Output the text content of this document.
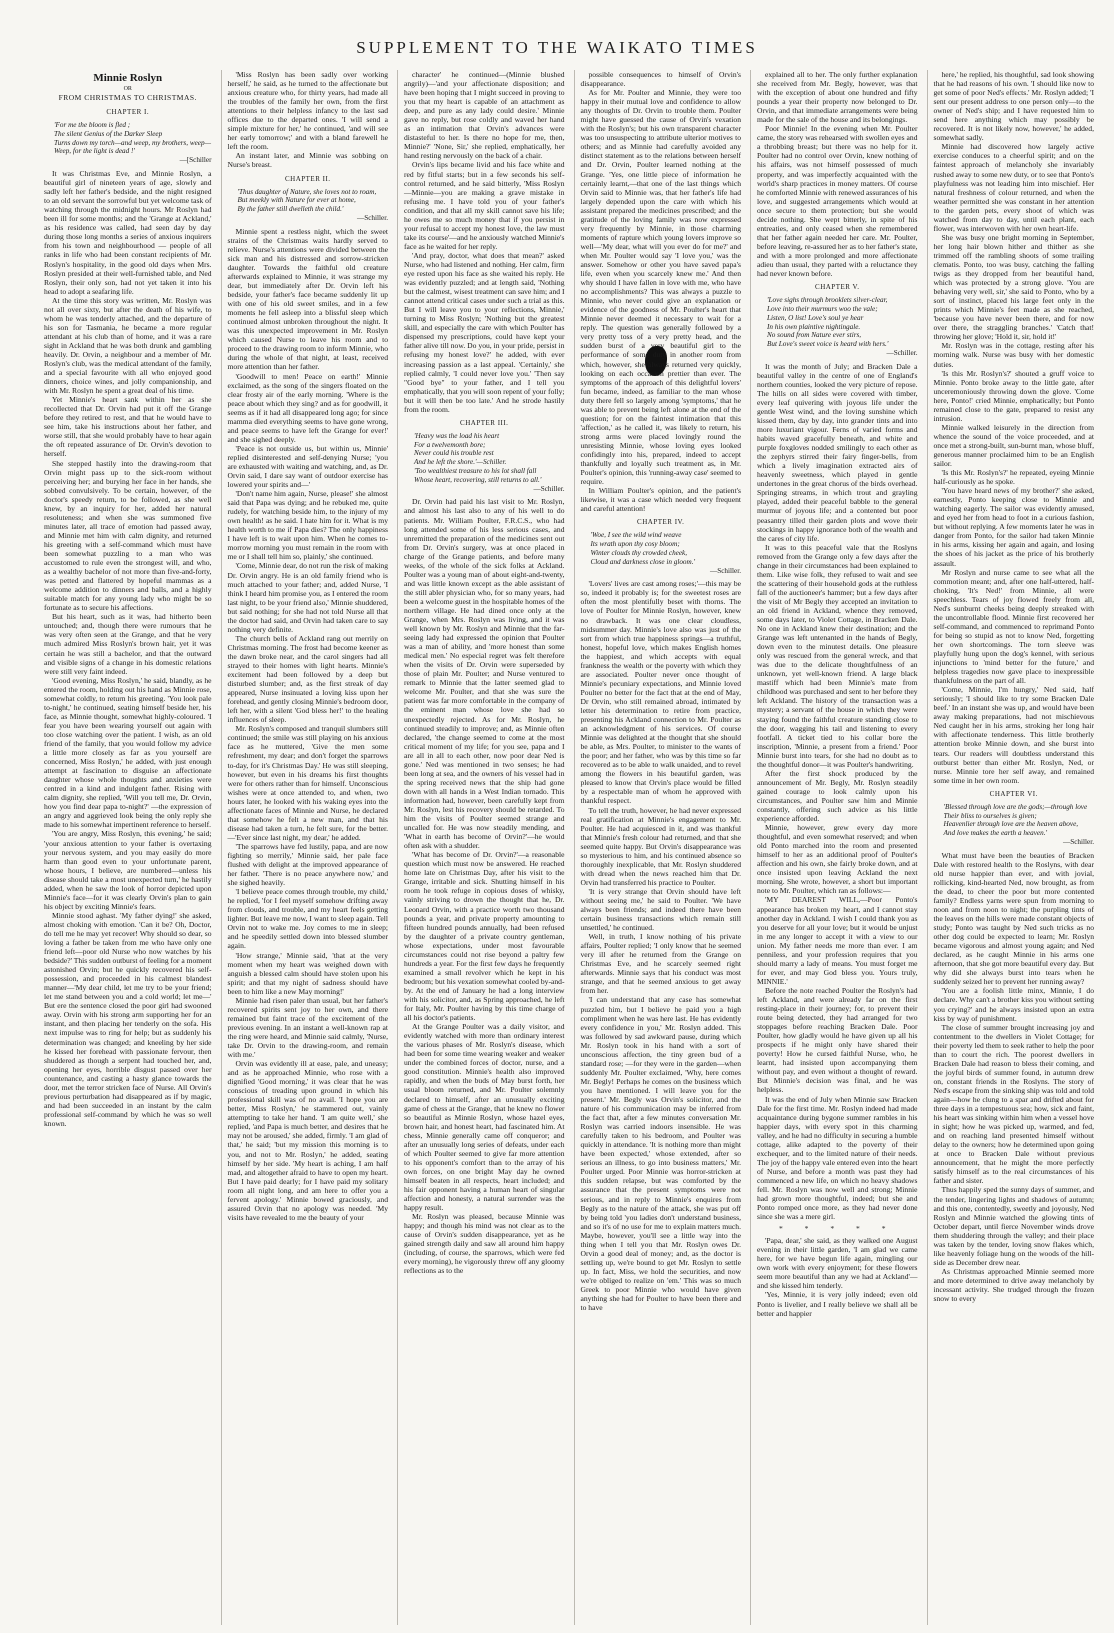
SUPPLEMENT TO THE WAIKATO TIMES
Minnie Roslyn
OR
FROM CHRISTMAS TO CHRISTMAS.
CHAPTER I.
'For me the bloom is fled ;
The silent Genius of the Darker Sleep
Turns down my torch—and weep, my brothers, weep—
Weep, for the light is dead !'
—[Schiller

It was Christmas Eve, and Minnie Roslyn, a beautiful girl of nineteen years of age, slowly and sadly left her father's bedside, and the night resigned to an old servant the sorrowful but yet welcome task of watching through the midnight hours. Mr Roslyn had been ill for some months; and the 'Grange at Ackland,' as his residence was called, had seen day by day during those long months a series of anxious inquirers from his town and neighbourhood — people of all ranks in life who had been constant recipients of Mr. Roslyn's hospitality, in the good old days when Mrs. Roslyn presided at their well-furnished table, and Ned Roslyn, their only son, had not yet taken it into his head to adopt a seafaring life.

At the time this story was written, Mr. Roslyn was not all over sixty, but after the death of his wife, to whom he was tenderly attached, and the departure of his son for Tasmania, he became a more regular attendant at his club than of home, and it was a rare sight in Ackland that he was both drunk and gambling heavily. Dr. Orvin, a neighbour and a member of Mr. Roslyn's club, was the medical attendant of the family, and a special favourite with all who enjoyed good dinners, choice wines, and jolly companionship, and with Mr. Roslyn he spent a great deal of his time.

Yet Minnie's heart sank within her as she recollected that Dr. Orvin had put it off the Grange before they retired to rest, and that he would have to see him, take his instructions about her father, and worse still, that she would probably have to hear again the oft repeated assurance of Dr. Orvin's devotion to herself.

She stepped hastily into the drawing-room that Orvin might pass up to the sick-room without perceiving her; and burying her face in her hands, she sobbed convulsively. To be certain, however, of the doctor's speedy return, to be followed, as she well knew, by an inquiry for her, added her natural resoluteness; and when she was summoned five minutes later, all trace of emotion had passed away, and Minnie met him with calm dignity, and returned his greeting with a self-command which must have been somewhat puzzling to a man who was accustomed to rule even the strongest will, and who, as a wealthy bachelor of not more than five-and-forty, was petted and flattered by hopeful mammas as a welcome addition to dinners and balls, and a highly suitable match for any young lady who might be so fortunate as to secure his affections.

But his heart, such as it was, had hitherto been untouched; and, though there were rumours that he was very often seen at the Grange, and that he very much admired Miss Roslyn's brown hair, yet it was certain he was still a bachelor, and that the outward and visible signs of a change in his domestic relations were still very faint indeed.

'Good evening, Miss Roslyn,' he said, blandly, as he entered the room, holding out his hand as Minnie rose, somewhat coldly, to return his greeting. 'You look pale to-night,' he continued, seating himself beside her, his face, as Minnie thought, somewhat highly-coloured. 'I fear you have been wearing yourself out again with too close watching over the patient. I wish, as an old friend of the family, that you would follow my advice a little more closely as far as you yourself are concerned, Miss Roslyn,' he added, with just enough attempt at fascination to disguise an affectionate daughter whose whole thoughts and anxieties were centred in a kind and indulgent father. Rising with calm dignity, she replied, 'Will you tell me, Dr. Orvin, how you find dear papa to-night?' —the expression of an angry and aggrieved look being the only reply she made to his somewhat impertinent reference to herself.

'You are angry, Miss Roslyn, this evening,' he said; 'your anxious attention to your father is overtaxing your nervous system, and you may easily do more harm than good even to your unfortunate parent, whose hours, I believe, are numbered—unless his disease should take a most unexpected turn,' he hastily added, when he saw the look of horror depicted upon Minnie's face—for it was clearly Orvin's plan to gain his object by exciting Minnie's fears.

Minnie stood aghast. 'My father dying!' she asked, almost choking with emotion. 'Can it be? Oh, Doctor, do tell me he may yet recover! Why should so dear, so loving a father be taken from me who have only one friend left—poor old Nurse who now watches by his bedside?' This sudden outburst of feeling for a moment astonished Orvin; but he quickly recovered his self-possession, and proceeded in his calmest blandest manner—'My dear child, let me try to be your friend; let me stand between you and a cold world; let me—' But ere the sentence closed the poor girl had swooned away. Orvin with his strong arm supporting her for an instant, and then placing her tenderly on the sofa. His next impulse was to ring for help; but as suddenly his determination was changed; and kneeling by her side he kissed her forehead with passionate fervour, then shuddered as though a serpent had touched her, and, opening her eyes, horrible disgust passed over her countenance, and casting a hasty glance towards the door, met the terror stricken face of Nurse. All Orvin's previous perturbation had disappeared as if by magic, and had been succeeded in an instant by the calm professional self-command by which he was so well known.

'Miss Roslyn has been sadly over working herself,' he said, as he turned to the affectionate but anxious creature who, for thirty years, had made all the troubles of the family her own, from the first attentions to their helpless infancy to the last sad offices due to the departed ones. 'I will send a simple mixture for her,' he continued, 'and will see her early tomorrow;' and with a bland farewell he left the room.

An instant later, and Minnie was sobbing on Nurse's breast.

CHAPTER II.
'Thus daughter of Nature, she loves not to roam,
But meekly with Nature for ever at home,
By the father still dwelleth the child.'
—Schiller.

Minnie spent a restless night, which the sweet strains of the Christmas waits hardly served to relieve. Nurse's attentions were divided between the sick man and his distressed and sorrow-stricken daughter. Towards the faithful old creature afterwards explained to Minnie, it was strange my dear, but immediately after Dr. Orvin left his bedside, your father's face became suddenly lit up with one of his old sweet smiles, and in a few moments he fell asleep into a blissful sleep which continued almost unbroken throughout the night. It was this unexpected improvement in Mr. Roslyn which caused Nurse to leave his room and to proceed to the drawing room to inform Minnie, who during the whole of that night, at least, received more attention than her father.

'Goodwill to men! Peace on earth!' Minnie exclaimed, as the song of the singers floated on the clear frosty air of the early morning. 'Where is the peace about which they sing? and as for goodwill, it seems as if it had all disappeared long ago; for since mamma died everything seems to have gone wrong, and peace seems to have left the Grange for ever!' and she sighed deeply.

'Peace is not outside us, but within us, Minnie' replied disinterested and self-denying Nurse; 'you are exhausted with waiting and watching, and, as Dr. Orvin said, I dare say want of outdoor exercise has lowered your spirits and—'

'Don't name him again, Nurse, please!' she almost said that Papa was dying; and he rebuked me, quite rudely, for watching beside him, to the injury of my own health! as he said. I hate him for it. What is my health worth to me if Papa dies? The only happiness I have left is to wait upon him. When he comes to-morrow morning you must remain in the room with me or I shall tell him so, plainly,' she continued.

'Come, Minnie dear, do not run the risk of making Dr. Orvin angry. He is an old family friend who is much attached to your father; and, added Nurse, 'I think I heard him promise you, as I entered the room last night, to be your friend also,' Minnie shuddered, but said nothing; for she had not told Nurse all that the doctor had said, and Orvin had taken care to say nothing very definite.

The church bells of Ackland rang out merrily on Christmas morning. The frost had become keener as the dawn broke near, and the carol singers had all strayed to their homes with light hearts. Minnie's excitement had been followed by a deep but disturbed slumber; and, as the first streak of day appeared, Nurse insinuated a loving kiss upon her forehead, and gently closing Minnie's bedroom door, left her, with a silent 'God bless her!' to the healing influences of sleep.

Mr. Roslyn's composed and tranquil slumbers still continued; the smile was still playing on his anxious face as he muttered, 'Give the men some refreshment, my dear; and don't forget the sparrows to-day, for it's Christmas Day.' He was still sleeping, however, but even in his dreams his first thoughts were for others rather than for himself. Unconscious wishes were at once attended to, and when, two hours later, he looked with his waking eyes into the affectionate faces of Minnie and Nurse, he declared that somehow he felt a new man, and that his disease had taken a turn, he felt sure, for the better.—'Ever since last night, my dear,' he added.

'The sparrows have fed lustily, papa, and are now fighting so merrily,' Minnie said, her pale face flushed with delight at the improved appearance of her father. 'There is no peace anywhere now,' and she sighed heavily.

'I believe peace comes through trouble, my child,' he replied, 'for I feel myself somehow drifting away from clouds, and trouble, and my heart feels getting lighter. But leave me now, I want to sleep again. Tell Orvin not to wake me. Joy comes to me in sleep; and he speedily settled down into blessed slumber again.

'How strange,' Minnie said, 'that at the very moment when my heart was weighed down with anguish a blessed calm should have stolen upon his spirit; and that my night of sadness should have been to him like a new May morning!'

Minnie had risen paler than usual, but her father's recovered spirits sent joy to her own, and there remained but faint trace of the excitement of the previous evening. In an instant a well-known rap at the ring were heard, and Minnie said calmly, 'Nurse, take Dr. Orvin to the drawing-room, and remain with me.'

Orvin was evidently ill at ease, pale, and uneasy; and as he approached Minnie, who rose with a dignified 'Good morning,' it was clear that he was conscious of treading upon ground in which his professional skill was of no avail. 'I hope you are better, Miss Roslyn,' he stammered out, vainly attempting to take her hand. 'I am quite well,' she replied, 'and Papa is much better, and desires that he may not be aroused,' she added, firmly. 'I am glad of that,' he said; 'but my mission this morning is to you, and not to Mr. Roslyn,' he added, seating himself by her side. 'My heart is aching, I am half mad, and altogether afraid to have to open my heart. But I have paid dearly; for I have paid my solitary room all night long, and am here to offer you a fervent apology.' Minnie bowed graciously, and assured Orvin that no apology was needed. 'My visits have revealed to me the beauty of your

character' he continued—(Minnie blushed angrily)—'and your affectionate disposition; and have been hoping that I might succeed in proving to you that my heart is capable of an attachment as deep, and pure as any lady could desire.' Minnie gave no reply, but rose coldly and waved her hand as an intimation that Orvin's advances were distasteful to her. Is there no hope for me, then, Minnie?' 'None, Sir,' she replied, emphatically, her hand resting nervously on the back of a chair.

Orvin's lips became livid and his face white and red by fitful starts; but in a few seconds his self-control returned, and he said bitterly, 'Miss Roslyn—Minnie—you are making a grave mistake in refusing me. I have told you of your father's condition, and that all my skill cannot save his life; he owes me so much money that if you persist in your refusal to accept my honest love, the law must take its course'—and he anxiously watched Minnie's face as he waited for her reply.

'And pray, doctor, what does that mean?' asked Nurse, who had listened and nothing. Her calm, firm eye rested upon his face as she waited his reply. He was evidently puzzled; and at length said, 'Nothing but the calmest, wisest treatment can save him; and I cannot attend critical cases under such a trial as this. But I will leave you to your reflections, Minnie,' turning to Miss Roslyn; 'Nothing but the greatest skill, and especially the care with which Poulter has dispensed my prescriptions, could have kept your father alive till now. Do you, in your pride, persist in refusing my honest love?' he added, with ever increasing passion as a last appeal. 'Certainly,' she replied calmly, 'I could never love you.' 'Then say "Good bye" to your father, and I tell you emphatically, that you will soon repent of your folly; but it will then be too late.' And he strode hastily from the room.

CHAPTER III.
'Heavy was the load his heart
For a twelvemonth bore;
Never could his trouble rest
And he left the shore.'—Schiller.
'Too wealthiest treasure to his lot shall fall
Whose heart, recovering, still returns to all.'
—Schiller.

Dr. Orvin had paid his last visit to Mr. Roslyn, and almost his last also to any of his well to do patients. Mr. William Poulter, F.R.C.S., who had long attended some of his less serious cases, and unremitted the preparation of the medicines sent out from Dr. Orvin's surgery, was at once placed in charge of the Grange patients, and before many weeks, of the whole of the sick folks at Ackland. Poulter was a young man of about eight-and-twenty, and was little known except as the able assistant of the still abler physician who, for so many years, had been a welcome guest in the hospitable homes of the northern village. He had dined once only at the Grange, when Mrs. Roslyn was living, and it was well known by Mr. Roslyn and Minnie that the far-seeing lady had expressed the opinion that Poulter was a man of ability, and 'more honest than some medical men.' No especial regret was felt therefore when the visits of Dr. Orvin were superseded by those of plain Mr. Poulter; and Nurse ventured to remark to Minnie that the latter seemed glad to welcome Mr. Poulter, and that she was sure the patient was far more comfortable in the company of the eminent man whose love she had so unexpectedly rejected. As for Mr. Roslyn, he continued steadily to improve; and, as Minnie often declared, 'the change seemed to come at the most critical moment of my life; for you see, papa and I are all in all to each other, now poor dear Ned is gone.' Ned was mentioned in two senses; he had been long at sea, and the owners of his vessel had in the spring received news that the ship had gone down with all hands in a West Indian tornado. This information had, however, been carefully kept from Mr. Roslyn, lest his recovery should be retarded. To him the visits of Poulter seemed strange and uncalled for. He was now steadily mending, and 'What in earth has become of Orvin?'—he would often ask with a shudder.

'What has become of Dr. Orvin?'—a reasonable question which must now be answered. He reached home late on Christmas Day, after his visit to the Grange, irritable and sick. Shutting himself in his room he took refuge in copious doses of whisky, vainly striving to drown the thought that he, Dr. Leonard Orvin, with a practice worth two thousand pounds a year, and private property amounting to fifteen hundred pounds annually, had been refused by the daughter of a private country gentleman, whose expectations, under most favourable circumstances could not rise beyond a paltry few hundreds a year. For the first few days he frequently examined a small revolver which he kept in his bedroom; but his vexation somewhat cooled by-and-by. At the end of January he had a long interview with his solicitor, and, as Spring approached, he left for Italy, Mr. Poulter having by this time charge of all his doctor's patients.

At the Grange Poulter was a daily visitor, and evidently watched with more than ordinary interest the various phases of Mr. Roslyn's disease, which had been for some time wearing weaker and weaker under the combined forces of doctor, nurse, and a good constitution. Minnie's health also improved rapidly, and when the buds of May burst forth, her usual bloom returned, and Mr. Poulter solemnly declared to himself, after an unusually exciting game of chess at the Grange, that he knew no flower so beautiful as Minnie Roslyn, whose hazel eyes, brown hair, and honest heart, had fascinated him. At chess, Minnie generally came off conqueror; and after an unusually long series of defeats, under each of which Poulter seemed to give far more attention to his opponent's comfort than to the array of his own forces, on one bright May day he owned himself beaten in all respects, heart included; and his fair opponent having a human heart of singular affection and honesty, a natural surrender was the happy result.

Mr. Roslyn was pleased, because Minnie was happy; and though his mind was not clear as to the cause of Orvin's sudden disappearance, yet as he gained strength daily and saw all around him happy (including, of course, the sparrows, which were fed every morning), he vigorously threw off any gloomy reflections as to the

possible consequences to himself of Orvin's disappearance.

As for Mr. Poulter and Minnie, they were too happy in their mutual love and confidence to allow any thoughts of Dr. Orvin to trouble them. Poulter might have guessed the cause of Orvin's vexation with the Roslyn's; but his own transparent character was too unsuspecting to attribute ulterior motives to others; and as Minnie had carefully avoided any distinct statement as to the relations between herself and Dr. Orvin, Poulter learned nothing at the Grange. 'Yes, one little piece of information he certainly learnt,—that one of the last things which Orvin said to Minnie was, that her father's life had largely depended upon the care with which his assistant prepared the medicines prescribed; and the gratitude of the loving family was now expressed very frequently by Minnie, in those charming moments of rapture which young lovers improve so well—'My dear, what will you ever do for me?' and when Mr. Poulter would say 'I love you,' was the answer. Somehow or other you have saved papa's life, even when you scarcely knew me.' And then why should I have fallen in love with me, who have no accomplishments? This was always a puzzle to Minnie, who never could give an explanation or evidence of the goodness of Mr. Poulter's heart that Minnie never deemed it necessary to wait for a reply. The question was generally followed by a very pretty toss of a very pretty head, and the sudden burst of a very beautiful girl to the performance of some duty in another room from which, however, she always returned very quickly, looking on each occasion prettier than ever. The symptoms of the approach of this delightful lovers' fun became, indeed, as familiar to the man whose duty there fell so largely among 'symptoms,' that he was able to prevent being left alone at the end of the question; for on the faintest intimation that this 'affection,' as he called it, was likely to return, his strong arms were placed lovingly round the unresisting Minnie, whose loving eyes looked confidingly into his, prepared, indeed to accept thankfully and loyally such treatment as, in Mr. Poulter's opinion, this 'running-away case' seemed to require.

In William Poulter's opinion, and the patient's likewise, it was a case which needed very frequent and careful attention!

CHAPTER IV.
'Woe, I see the wild wind weave
Its wrath upon thy cosy bloom;
Winter clouds thy crowded cheek,
Cloud and darkness close in gloom.'
—Schiller.

'Lovers' lives are cast among roses;'—this may be so, indeed it probably is; for the sweetest roses are often the most plentifully beset with thorns. The love of Poulter for Minnie Roslyn, however, knew no drawback. It was one clear cloudless, midsummer day. Minnie's love also was just of the sort from which true happiness springs—a truthful, honest, hopeful love, which makes English homes the happiest, and which accepts with equal frankness the wealth or the poverty with which they are associated. Poulter never once thought of Minnie's pecuniary expectations, and Minnie loved Poulter no better for the fact that at the end of May, Dr Orvin, who still remained abroad, intimated by letter his determination to retire from practice, presenting his Ackland connection to Mr. Poulter as an acknowledgment of his services. Of course Minnie was delighted at the thought that she should be able, as Mrs. Poulter, to minister to the wants of the poor; and her father, who was by this time so far recovered as to be able to walk unaided, and to revel among the flowers in his beautiful garden, was pleased to know that Orvin's place would be filled by a respectable man of whom he approved with thankful respect.

To tell the truth, however, he had never expressed real gratification at Minnie's engagement to Mr. Poulter. He had acquiesced in it, and was thankful that Minnie's fresh colour had returned, and that she seemed quite happy. But Orvin's disappearance was so mysterious to him, and his continued absence so thoroughly inexplicable, that Mr. Roslyn shuddered with dread when the news reached him that Dr. Orvin had transferred his practice to Poulter.

'It is very strange that Orvin should have left without seeing me,' he said to Poulter. 'We have always been friends; and indeed there have been certain business transactions which remain still unsettled,' he continued.

Well, in truth, I know nothing of his private affairs, Poulter replied; 'I only know that he seemed very ill after he returned from the Grange on Christmas Eve, and he scarcely seemed right afterwards. Minnie says that his conduct was most strange, and that he seemed anxious to get away from her.

'I can understand that any case has somewhat puzzled him, but I believe he paid you a high compliment when he was here last. He has evidently every confidence in you,' Mr. Roslyn added. This was followed by sad awkward pause, during which Mr. Roslyn took in his hand with a sort of unconscious affection, the tiny green bud of a standard rose; —for they were in the garden—when suddenly Mr. Poulter exclaimed, 'Why, here comes Mr. Begly! Perhaps he comes on the business which you have mentioned. I will leave you for the present.' Mr. Begly was Orvin's solicitor, and the nature of his communication may be inferred from the fact that, after a few minutes conversation Mr. Roslyn was carried indoors insensible. He was carefully taken to his bedroom, and Poulter was quickly in attendance. 'It is nothing more than might have been expected,' whose extended, after so serious an illness, to go into business matters,' Mr. Poulter urged. Poor Minnie was horror-stricken at this sudden relapse, but was comforted by the assurance that the present symptoms were not serious, and in reply to Minnie's enquires from Begly as to the nature of the attack, she was put off by being told 'you ladies don't understand business, and so it's of no use for me to explain matters much. Maybe, however, you'll see a little way into the thing when I tell you that Mr. Roslyn owes Dr. Orvin a good deal of money; and, as the doctor is settling up, we're bound to get Mr. Roslyn to settle up. In fact, Miss, we hold the securities, and now we're obliged to realize on 'em.' This was so much Greek to poor Minnie who would have given anything she had for Poulter to have been there and to have

explained all to her. The only further explanation she received from Mr. Begly, however, was that with the exception of about one hundred and fifty pounds a year their property now belonged to Dr. Orvin, and that immediate arrangements were being made for the sale of the house and its belongings.

Poor Minnie! In the evening when Mr. Poulter came, the story was rehearsed with swollen eyes and a throbbing breast; but there was no help for it. Poulter had no control over Orvin, knew nothing of his affairs, was not himself possessed of much property, and was imperfectly acquainted with the world's sharp practices in money matters. Of course he comforted Minnie with renewed assurances of his love, and suggested arrangements which would at once secure to them protection; but she would decide nothing. She wept bitterly, in spite of his entreaties, and only ceased when she remembered that her father again needed her care. Mr. Poulter, before leaving, re-assured her as to her father's state, and with a more prolonged and more affectionate adieu than usual, they parted with a reluctance they had never known before.

CHAPTER V.
'Love sighs through brooklets silver-clear,
Love into their murmurs woo the vale;
Listen, O list! Love's soul ye hear
In his own plaintive nightingale.
No sound from Nature ever stirs,
But Love's sweet voice is heard with hers.'
—Schiller.

It was the month of July; and Bracken Dale a beautiful valley in the centre of one of England's northern counties, looked the very picture of repose. The hills on all sides were covered with timber, every leaf quivering with joyous life under the gentle West wind, and the loving sunshine which kissed them, day by day, into grander tints and into more luxuriant vigour. Ferns of varied forms and habits waved gracefully beneath, and white and purple foxgloves nodded smilingly to each other as the zephyrs stirred their fairy finger-bells, from which a lively imagination extracted airs of heavenly sweetness, which played in gentle undertones in the great chorus of the birds overhead. Springing streams, in which trout and grayling played, added their peaceful babble to the general murmur of joyous life; and a contented but poor peasantry tilled their garden plots and wove their stockings in happy ignorance both of the wealth and the cares of city life.

It was to this peaceful vale that the Roslyns removed from the Grange only a few days after the change in their circumstances had been explained to them. Like wise folk, they refused to wait and see the scattering of their household gods at the ruthless fall of the auctioneer's hammer; but a few days after the visit of Mr Begly they accepted an invitation to an old friend in Ackland, whence they removed, some days later, to Violet Cottage, in Bracken Dale. No one in Ackland knew their destination; and the Grange was left untenanted in the hands of Begly, down even to the minutest details. One pleasure only was rescued from the general wreck, and that was due to the delicate thoughtfulness of an unknown, yet well-known friend. A large black mastiff which had been Minnie's mate from childhood was purchased and sent to her before they left Ackland. The history of the transaction was a mystery; a servant of the house in which they were staying found the faithful creature standing close to the door, wagging his tail and listening to every footfall. A ticket tied to his collar bore the inscription, 'Minnie, a present from a friend.' Poor Minnie burst into tears, for she had no doubt as to the thoughtful donor—it was Poulter's handwriting.

After the first shock produced by the announcement of Mr. Begly, Mr. Roslyn steadily gained courage to look calmly upon his circumstances, and Poulter saw him and Minnie constantly, offering such advice as his little experience afforded.

Minnie, however, grew every day more thoughtful, and even somewhat reserved; and when old Ponto marched into the room and presented himself to her as an additional proof of Poulter's affection and his own, she fairly broke down, and at once insisted upon leaving Ackland the next morning. She wrote, however, a short but important note to Mr. Poulter, which ran as follows:—

'MY DEAREST WILL,—Poor Ponto's appearance has broken my heart, and I cannot stay another day in Ackland. I wish I could thank you as you deserve for all your love; but it would be unjust in me any longer to accept it with a view to our union. My father needs me more than ever. I am penniless, and your profession requires that you should marry a lady of means. You must forget me for ever, and may God bless you. Yours truly, MINNIE.'

Before the note reached Poulter the Roslyn's had left Ackland, and were already far on the first resting-place in their journey; for, to prevent their route being detected, they had arranged for two stoppages before reaching Bracken Dale. Poor Poulter, how gladly would he have given up all his prospects if he might only have shared their poverty! How he cursed faithful Nurse, who, he learnt, had insisted upon accompanying them without pay, and even without a thought of reward. But Minnie's decision was final, and he was helpless.

It was the end of July when Minnie saw Bracken Dale for the first time. Mr. Roslyn indeed had made acquaintance during bygone summer rambles in his happier days, with every spot in this charming valley, and he had no difficulty in securing a humble cottage, alike adapted to the poverty of their exchequer, and to the limited nature of their needs. The joy of the happy vale entered even into the heart of Nurse, and before a month was past they had commenced a new life, on which no heavy shadows fell. Mr. Roslyn was now well and strong; Minnie had grown more thoughtful, indeed; but she and Ponto romped once more, as they had never done since she was a mere girl.

* * * * *

'Papa, dear,' she said, as they walked one August evening in their little garden, 'I am glad we came here, for we have begun life again, mingling our own work with every enjoyment; for these flowers seem more beautiful than any we had at Ackland'—and she kissed him tenderly.

'Yes, Minnie, it is very jolly indeed; even old Ponto is livelier, and I really believe we shall all be better and happier

here,' he replied, his thoughtful, sad look showing that he had reasons of his own. 'I should like now to get some of poor Ned's effects.' Mr. Roslyn added; 'I sent our present address to one person only—to the owner of Ned's ship; and I have requested him to send here anything which may possibly be recovered. It is not likely now, however,' he added, somewhat sadly.

Minnie had discovered how largely active exercise conduces to a cheerful spirit; and on the faintest approach of melancholy she invariably rushed away to some new duty, or to see that Ponto's playfulness was not leading him into mischief. Her natural freshness of colour returned, and when the weather permitted she was constant in her attention to the garden pets, every shoot of which was watched from day to day, until each plant, each flower, was interwoven with her own heart-life.

She was busy one bright morning in September, her long hair blown hither and thither as she trimmed off the rambling shoots of some trailing clematis. Ponto, too was busy, catching the falling twigs as they dropped from her beautiful hand, which was protected by a strong glove. 'You are behaving very well, sir,' she said to Ponto, who by a sort of instinct, placed his large feet only in the prints which Minnie's feet made as she reached, 'because you have never been there, and for now over there, the straggling branches.' 'Catch that! throwing her glove; 'Hold it, sir, hold it!'

Mr. Roslyn was in the cottage, resting after his morning walk. Nurse was busy with her domestic duties.

'Is this Mr. Roslyn's?' shouted a gruff voice to Minnie. Ponto broke away to the little gate, after unceremoniously throwing down the glove. 'Come here, Ponto!' cried Minnie, emphatically; but Ponto remained close to the gate, prepared to resist any intrusion.

Minnie walked leisurely in the direction from whence the sound of the voice proceeded, and at once met a strong-built, sun-burnt man, whose bluff, generous manner proclaimed him to be an English sailor.

'Is this Mr. Roslyn's?' he repeated, eyeing Minnie half-curiously as he spoke.

'You have heard news of my brother?' she asked, earnestly, Ponto keeping close to Minnie and watching eagerly. The sailor was evidently amused, and eyed her from head to foot in a curious fashion, but without replying. A few moments later he was in danger from Ponto, for the sailor had taken Minnie in his arms, kissing her again and again, and losing the shoes of his jacket as the price of his brotherly assault.

Mr Roslyn and nurse came to see what all the commotion meant; and, after one half-uttered, half-choking, 'It's Ned!' from Minnie, all were speechless. Tears of joy flowed freely from all, Ned's sunburnt cheeks being deeply streaked with the uncontrollable flood. Minnie first recovered her self-command, and commenced to reprimand Ponto for being so stupid as not to know Ned, forgetting her own shortcomings. The torn sleeve was playfully hung upon the dog's kennel, with serious injunctions to 'mind better for the future,' and helpless tragedies now gave place to inexpressible thankfulness on the part of all.

'Come, Minnie, I'm hungry,' Ned said, half seriously; 'I should like to try some Bracken Dale beef.' In an instant she was up, and would have been away making preparations, had not mischievous Ned caught her in his arms, stroking her long hair with affectionate tenderness. This little brotherly attention broke Minnie down, and she burst into tears. Our readers will doubtless understand this outburst better than either Mr. Roslyn, Ned, or nurse. Minnie tore her self away, and remained some time in her own room.

CHAPTER VI.
'Blessed through love are the gods;—through love
Their bliss to ourselves is given;
Heavenlier through love are the heaven above,
And love makes the earth a heaven.'
—Schiller.

What must have been the beauties of Bracken Dale with restored health to the Roslyns, with dear old nurse happier than ever, and with jovial, rollicking, kind-hearted Ned, now brought, as from the dead, to cheer the poor but more contented family? Endless yarns were spun from morning to noon and from noon to night; the purpling tints of the leaves on the hills were made constant objects of study; Ponto was taught by Ned such tricks as no other dog could be expected to learn; Mr. Roslyn became vigorous and almost young again; and Ned declared, as he caught Minnie in his arms one afternoon, that she got more beautiful every day. But why did she always burst into tears when he suddenly seized her to prevent her running away?

'You are a foolish little minx, Minnie, I do declare. Why can't a brother kiss you without setting you crying?' and he always insisted upon an extra kiss by way of punishment.

The close of summer brought increasing joy and contentment to the dwellers in Violet Cottage; for their poverty led them to seek rather to help the poor than to court the rich. The poorest dwellers in Bracken Dale had reason to bless their coming, and the joyful birds of summer found, in autumn drew on, constant friends in the Roslyns. The story of Ned's escape from the sinking ship was told and told again—how he clung to a spar and drifted about for three days in a tempestuous sea; how, sick and faint, his heart was sinking within him when a vessel hove in sight; how he was picked up, warmed, and fed, and on reaching land presented himself without delay to the owners; how he determined upon going at once to Bracken Dale without previous announcement, that he might the more perfectly satisfy himself as to the real circumstances of his father and sister.

Thus happily sped the sunny days of summer, and the tender, lingering lights and shadows of autumn; and this one, contentedly, sweetly and joyously, Ned Roslyn and Minnie watched the glowing tints of October depart, until fierce November winds drove them shuddering through the valley; and their place was taken by the tender, loving snow flakes which, like heavenly foliage hung on the woods of the hill-side as December drew near.

As Christmas approached Minnie seemed more and more determined to drive away melancholy by incessant activity. She trudged through the frozen snow to every
